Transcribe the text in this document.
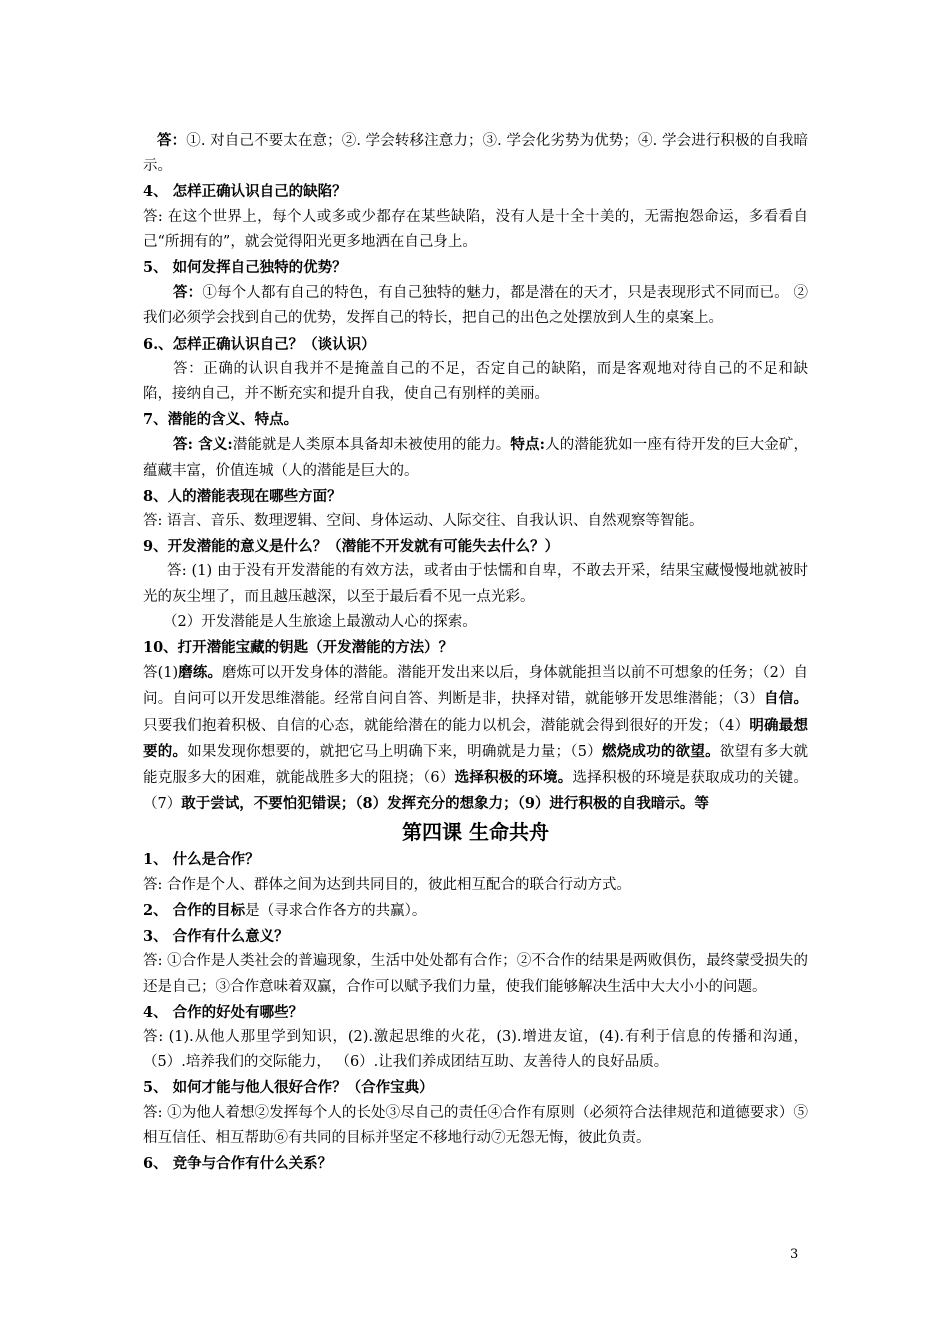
答：①. 对自己不要太在意；②. 学会转移注意力；③. 学会化劣势为优势；④. 学会进行积极的自我暗示。

4、 怎样正确认识自己的缺陷？

答: 在这个世界上，每个人或多或少都存在某些缺陷，没有人是十全十美的，无需抱怨命运，多看看自己“所拥有的”，就会觉得阳光更多地洒在自己身上。

5、 如何发挥自己独特的优势？

答：①每个人都有自己的特色，有自己独特的魅力，都是潜在的天才，只是表现形式不同而已。 ②我们必须学会找到自己的优势，发挥自己的特长，把自己的出色之处摆放到人生的桌案上。

6.、怎样正确认识自己？（谈认识）

答：正确的认识自我并不是掩盖自己的不足，否定自己的缺陷，而是客观地对待自己的不足和缺陷，接纳自己，并不断充实和提升自我，使自己有别样的美丽。

7、潜能的含义、特点。

答: 含义:潜能就是人类原本具备却未被使用的能力。特点:人的潜能犹如一座有待开发的巨大金矿，蕴藏丰富，价值连城（人的潜能是巨大的。

8、人的潜能表现在哪些方面？

答: 语言、音乐、数理逻辑、空间、身体运动、人际交往、自我认识、自然观察等智能。

9、开发潜能的意义是什么？（潜能不开发就有可能失去什么？）

答: (1) 由于没有开发潜能的有效方法，或者由于怯懦和自卑，不敢去开采，结果宝藏慢慢地就被时光的灰尘埋了，而且越压越深，以至于最后看不见一点光彩。

（2）开发潜能是人生旅途上最激动人心的探索。

10、打开潜能宝藏的钥匙（开发潜能的方法）？

答(1)磨练。磨炼可以开发身体的潜能。潜能开发出来以后，身体就能担当以前不可想象的任务；（2）自问。自问可以开发思维潜能。经常自问自答、判断是非，抉择对错，就能够开发思维潜能；（3）自信。只要我们抱着积极、自信的心态，就能给潜在的能力以机会，潜能就会得到很好的开发；（4）明确最想要的。如果发现你想要的，就把它马上明确下来，明确就是力量；（5）燃烧成功的欲望。欲望有多大就能克服多大的困难，就能战胜多大的阻挠；（6）选择积极的环境。选择积极的环境是获取成功的关键。（7）敢于尝试，不要怕犯错误；（8）发挥充分的想象力；（9）进行积极的自我暗示。等

第四课 生命共舟

1、 什么是合作？

答: 合作是个人、群体之间为达到共同目的，彼此相互配合的联合行动方式。

2、 合作的目标是（寻求合作各方的共赢）。

3、 合作有什么意义？

答: ①合作是人类社会的普遍现象，生活中处处都有合作；②不合作的结果是两败俱伤，最终蒙受损失的还是自己；③合作意味着双赢，合作可以赋予我们力量，使我们能够解决生活中大大小小的问题。

4、 合作的好处有哪些？

答: (1).从他人那里学到知识，(2).激起思维的火花，(3).增进友谊，(4).有利于信息的传播和沟通， （5）.培养我们的交际能力， （6）.让我们养成团结互助、友善待人的良好品质。

5、 如何才能与他人很好合作？（合作宝典）

答: ①为他人着想②发挥每个人的长处③尽自己的责任④合作有原则（必须符合法律规范和道德要求）⑤相互信任、相互帮助⑥有共同的目标并坚定不移地行动⑦无怨无悔，彼此负责。

6、 竞争与合作有什么关系？

3
